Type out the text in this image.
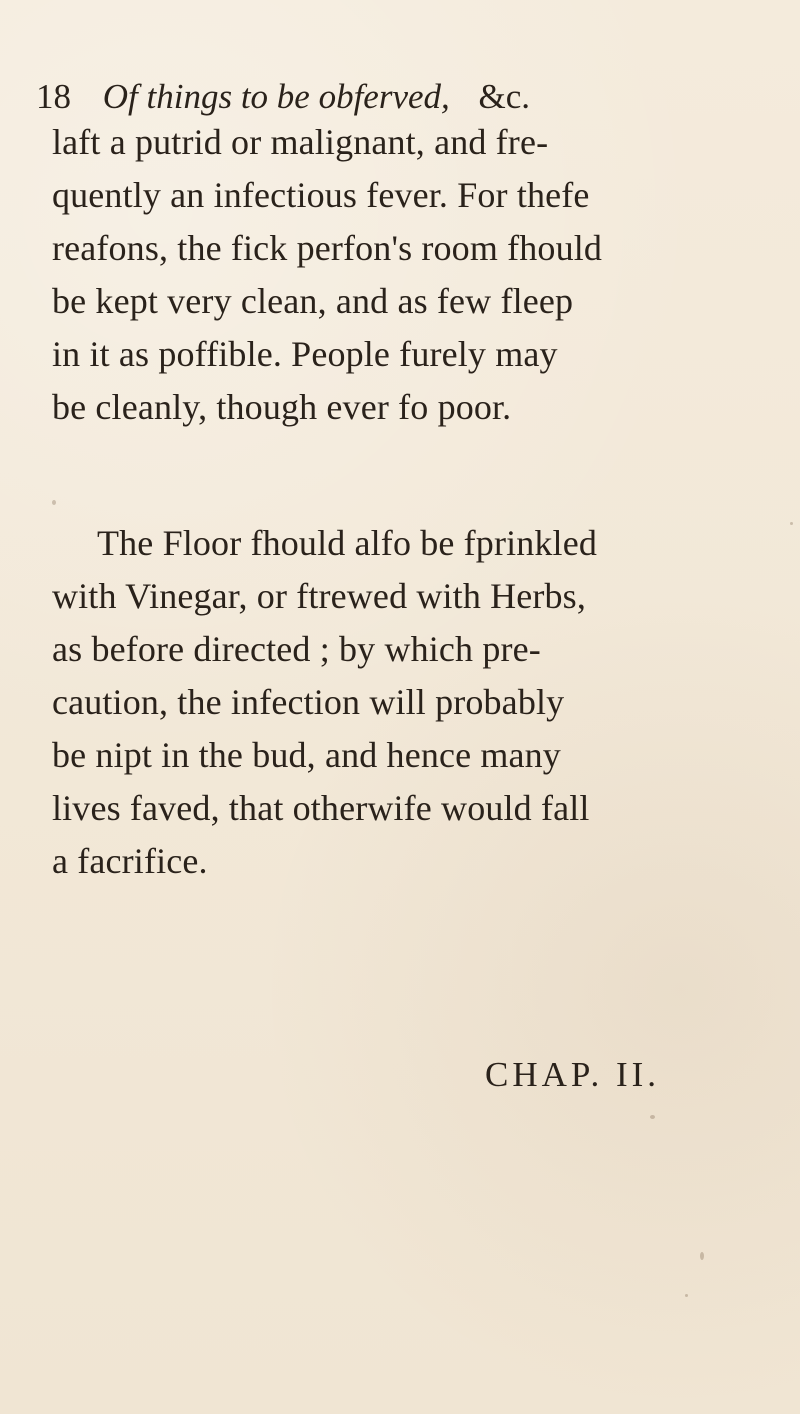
18 Of things to be obferved, &c.
laft a putrid or malignant, and fre-
quently an infectious fever. For thefe
reafons, the fick perfon's room fhould
be kept very clean, and as few fleep
in it as poffible. People furely may
be cleanly, though ever fo poor.
The Floor fhould alfo be fprinkled
with Vinegar, or ftrewed with Herbs,
as before directed ; by which pre-
caution, the infection will probably
be nipt in the bud, and hence many
lives faved, that otherwife would fall
a facrifice.
CHAP. II.
